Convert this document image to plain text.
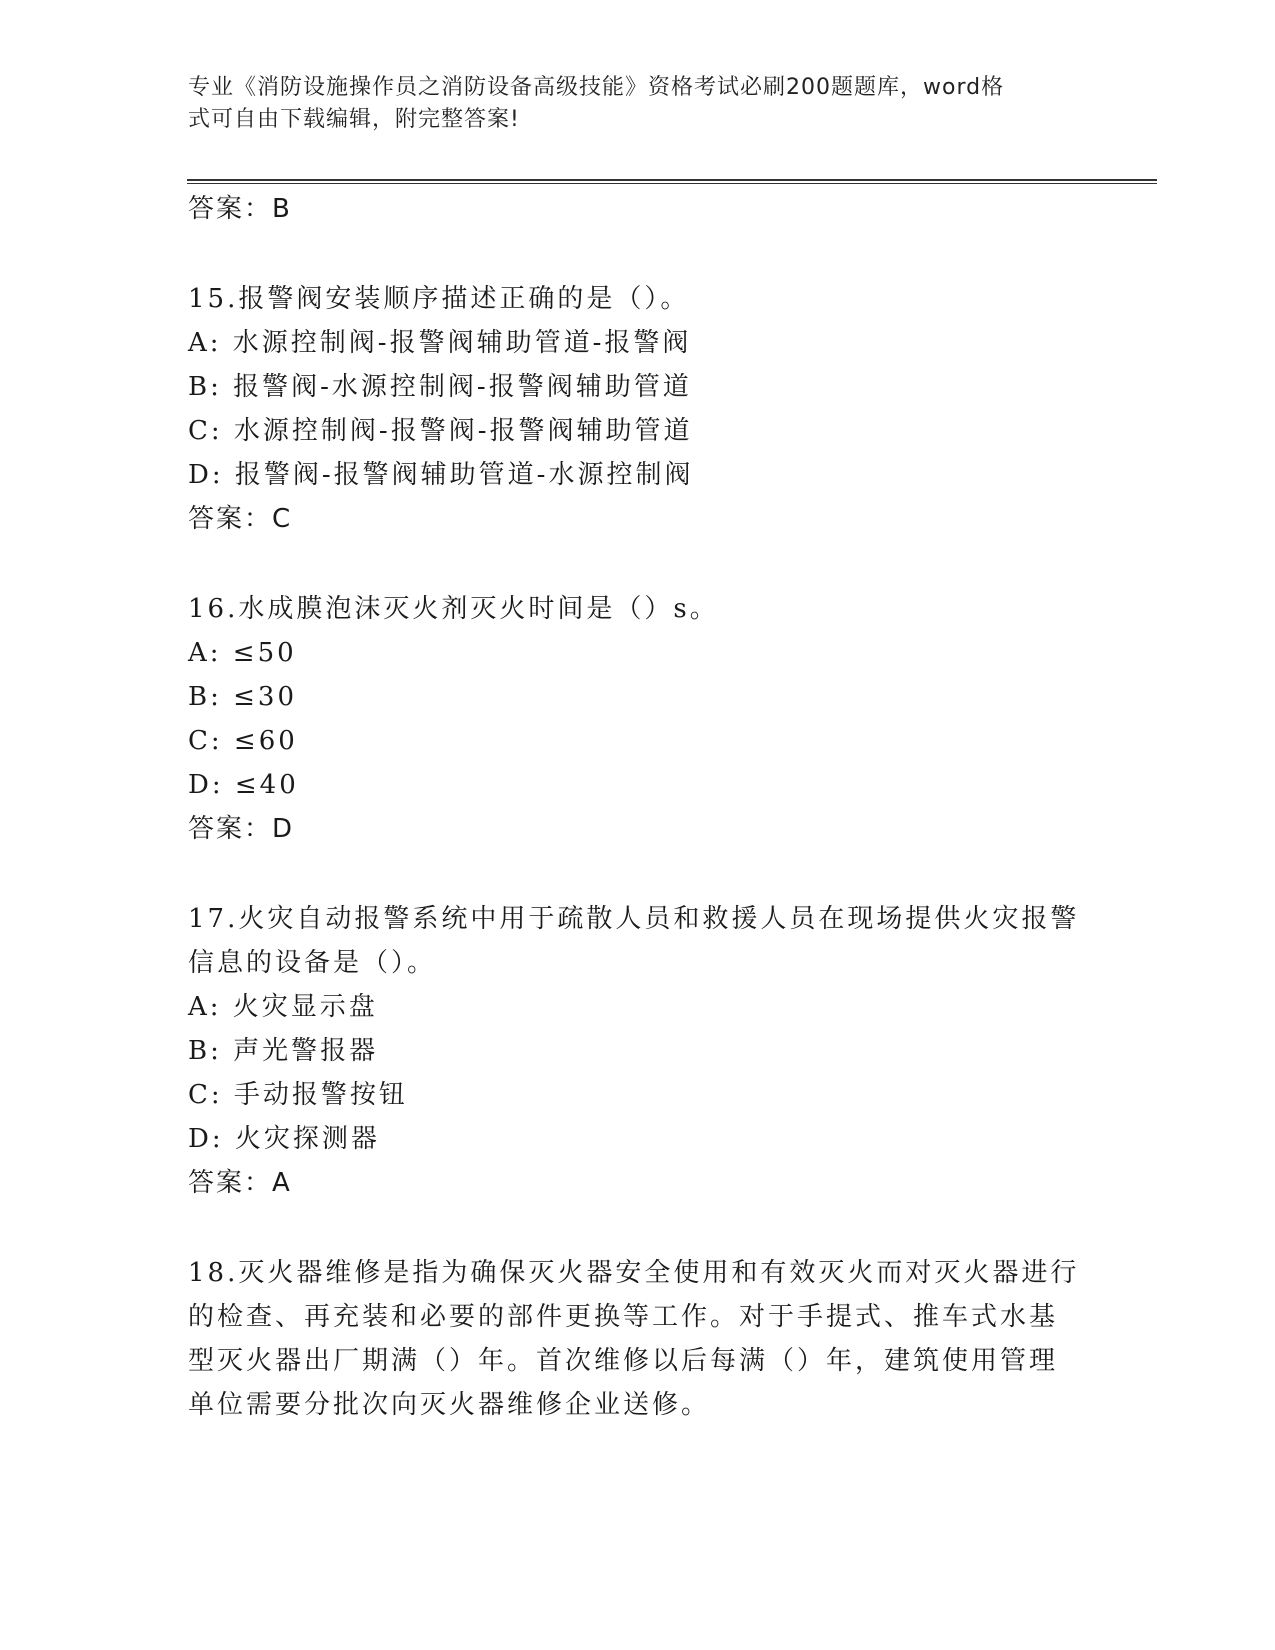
专业《消防设施操作员之消防设备高级技能》资格考试必刷200题题库，word格
式可自由下载编辑，附完整答案!
答案：B
15.报警阀安装顺序描述正确的是（）。
A: 水源控制阀-报警阀辅助管道-报警阀
B: 报警阀-水源控制阀-报警阀辅助管道
C: 水源控制阀-报警阀-报警阀辅助管道
D: 报警阀-报警阀辅助管道-水源控制阀
答案：C
16.水成膜泡沫灭火剂灭火时间是（）s。
A: ≤50
B: ≤30
C: ≤60
D: ≤40
答案：D
17.火灾自动报警系统中用于疏散人员和救援人员在现场提供火灾报警
信息的设备是（）。
A: 火灾显示盘
B: 声光警报器
C: 手动报警按钮
D: 火灾探测器
答案：A
18.灭火器维修是指为确保灭火器安全使用和有效灭火而对灭火器进行
的检查、再充装和必要的部件更换等工作。对于手提式、推车式水基
型灭火器出厂期满（）年。首次维修以后每满（）年，建筑使用管理
单位需要分批次向灭火器维修企业送修。
